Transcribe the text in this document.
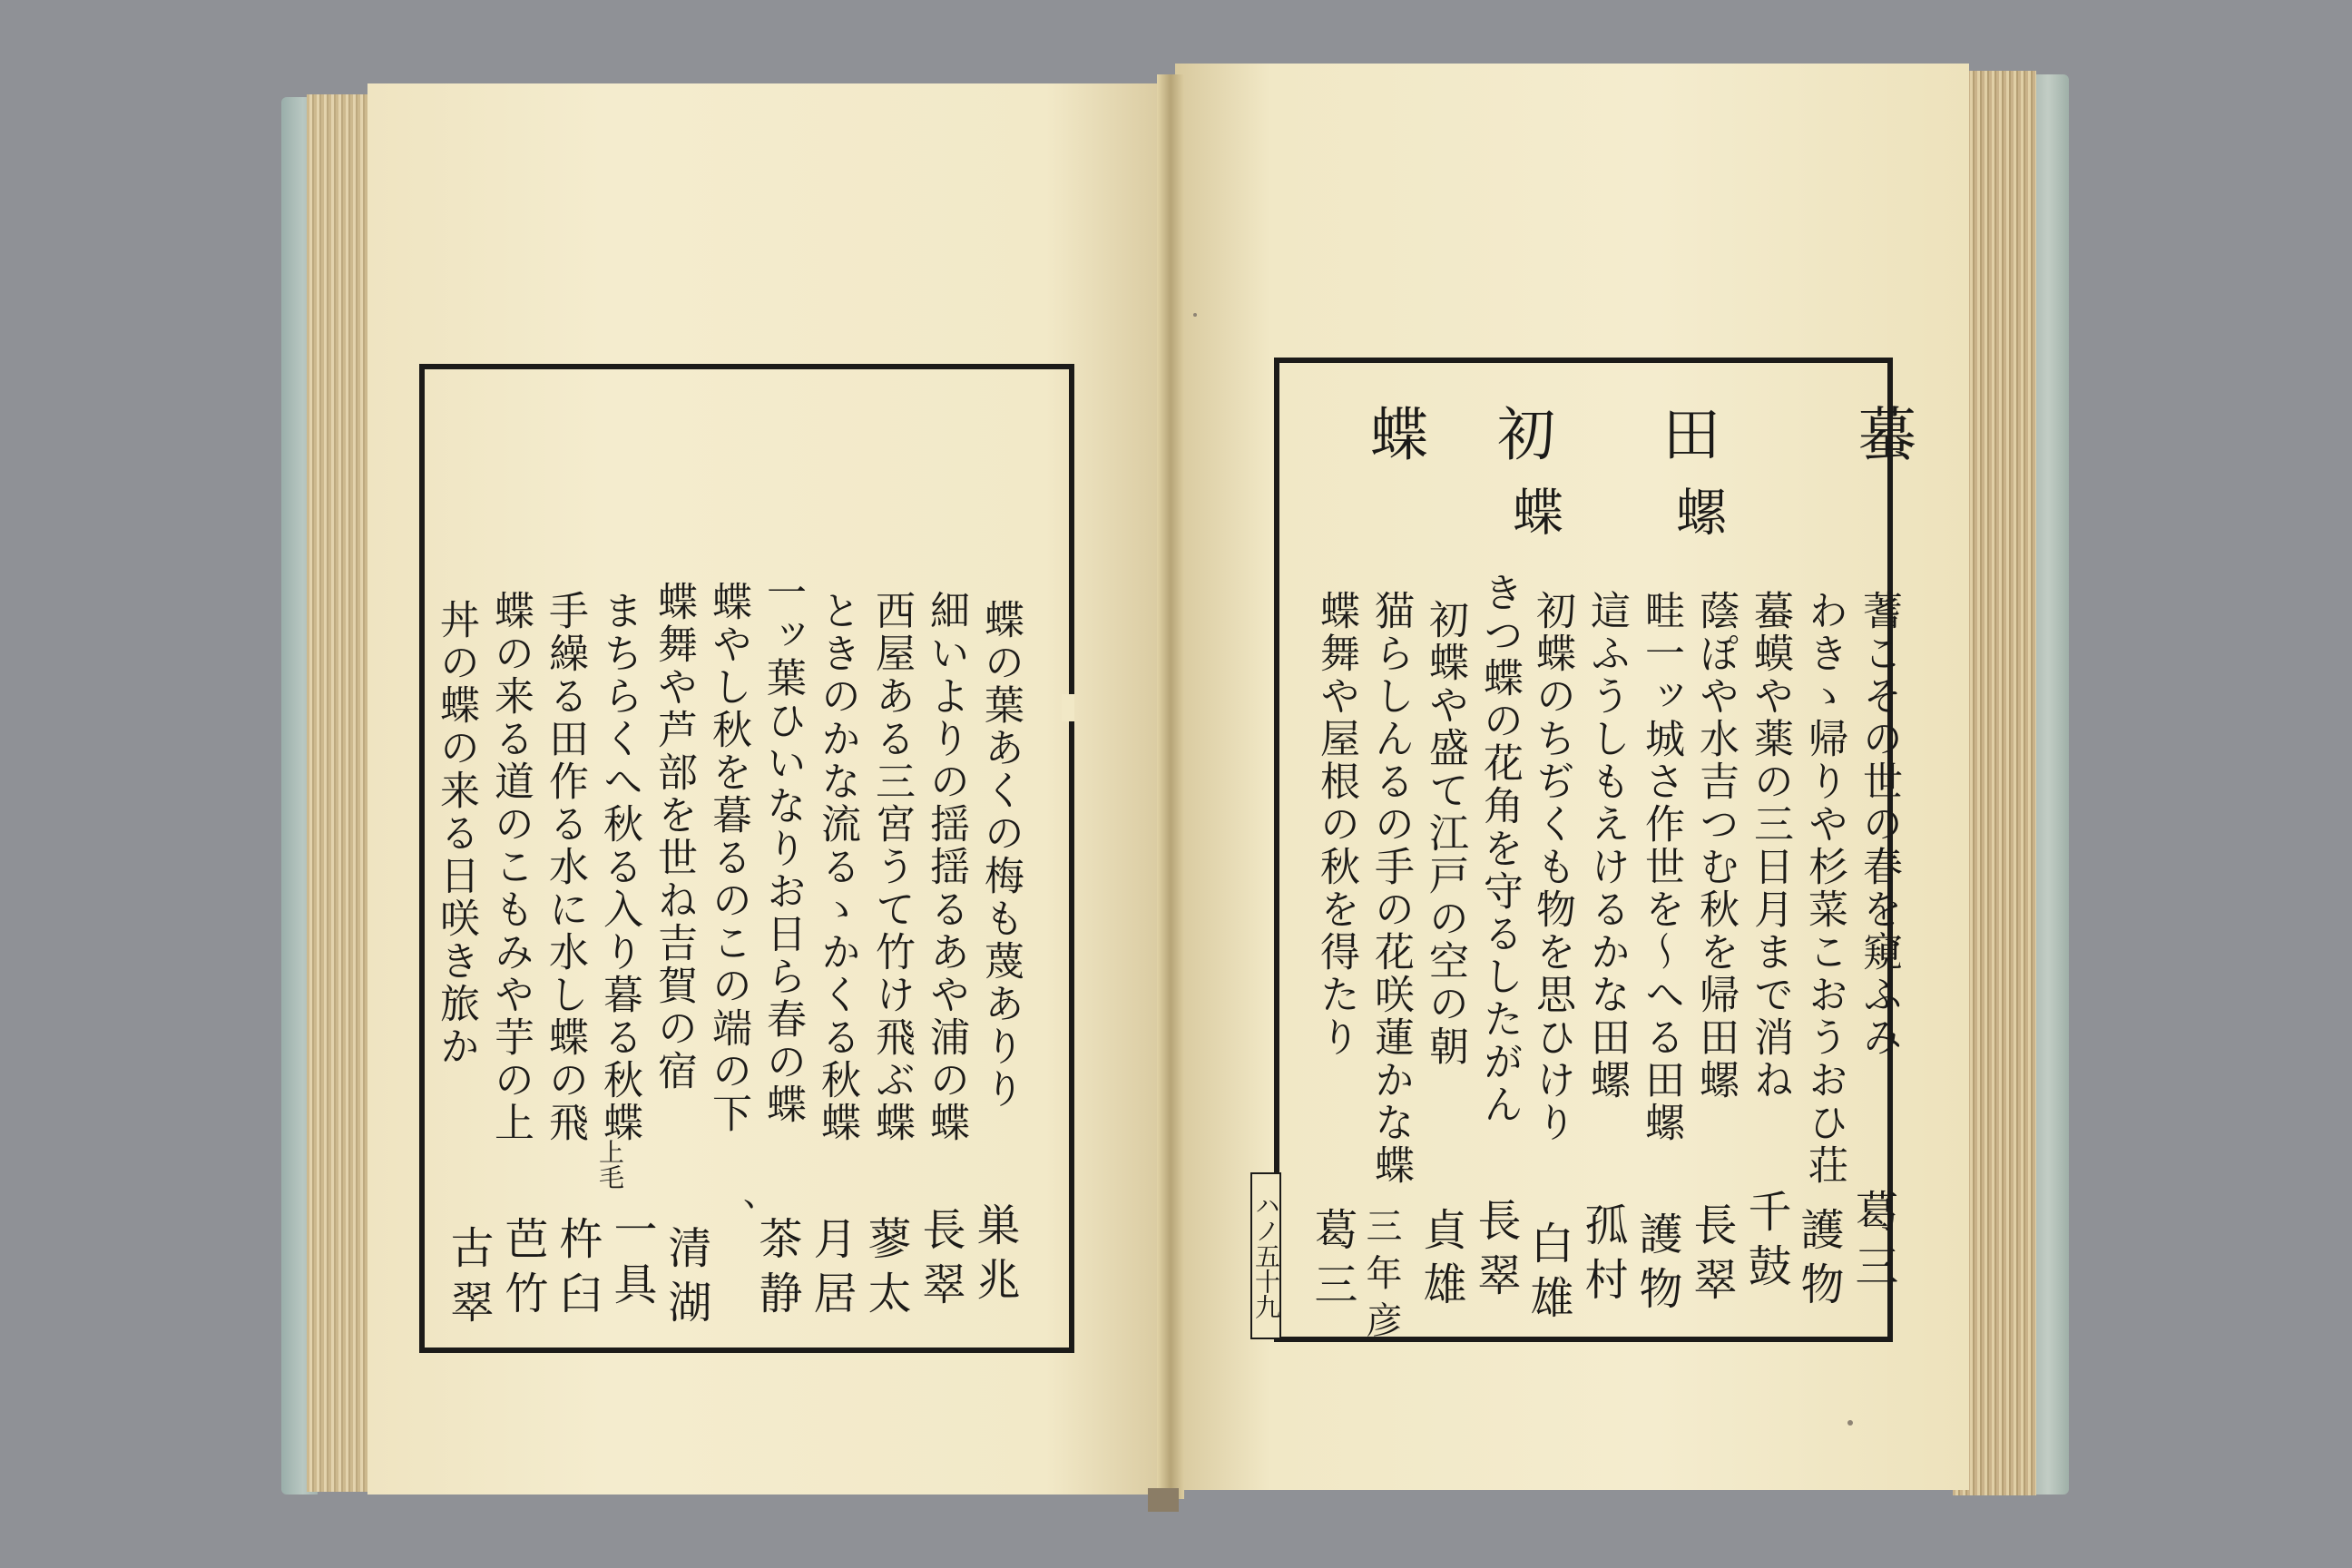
ハノ五十九
蟇
田
初
蝶
螺
蝶
蓍こその世の春を窺ふみ
わきゝ帰りや杉菜こおうおひ荘
蟇蟆や薬の三日月まで消ね
蔭ぽや水吉つむ秋を帰田螺
畦一ッ城さ作世を〜へる田螺
這ふうしもえけるかな田螺
初蝶のちぢくも物を思ひけり
きつ蝶の花角を守るしたがん
初蝶や盛て江戸の空の朝
猫らしんるの手の花咲蓮かな蝶
蝶舞や屋根の秋を得たり
葛三
護物
千鼓
長翠
護物
孤村
白雄
長翠
貞雄
三年彦
葛三
蝶の葉あくの梅も蔑ありり
細いよりの揺揺るあや浦の蝶
西屋ある三宮うて竹け飛ぶ蝶
ときのかな流るゝかくる秋蝶
一ッ葉ひいなりお日ら春の蝶
蝶やし秋を暮るのこの端の下
蝶舞や芦部を世ね吉賀の宿
まちらくへ秋る入り暮る秋蝶
手繰る田作る水に水し蝶の飛
蝶の来る道のこもみや芋の上
丼の蝶の来る日咲き旅か
上毛
巣兆
長翠
蓼太
月居
茶静
、
清湖
一具
杵臼
芭竹
古翠
